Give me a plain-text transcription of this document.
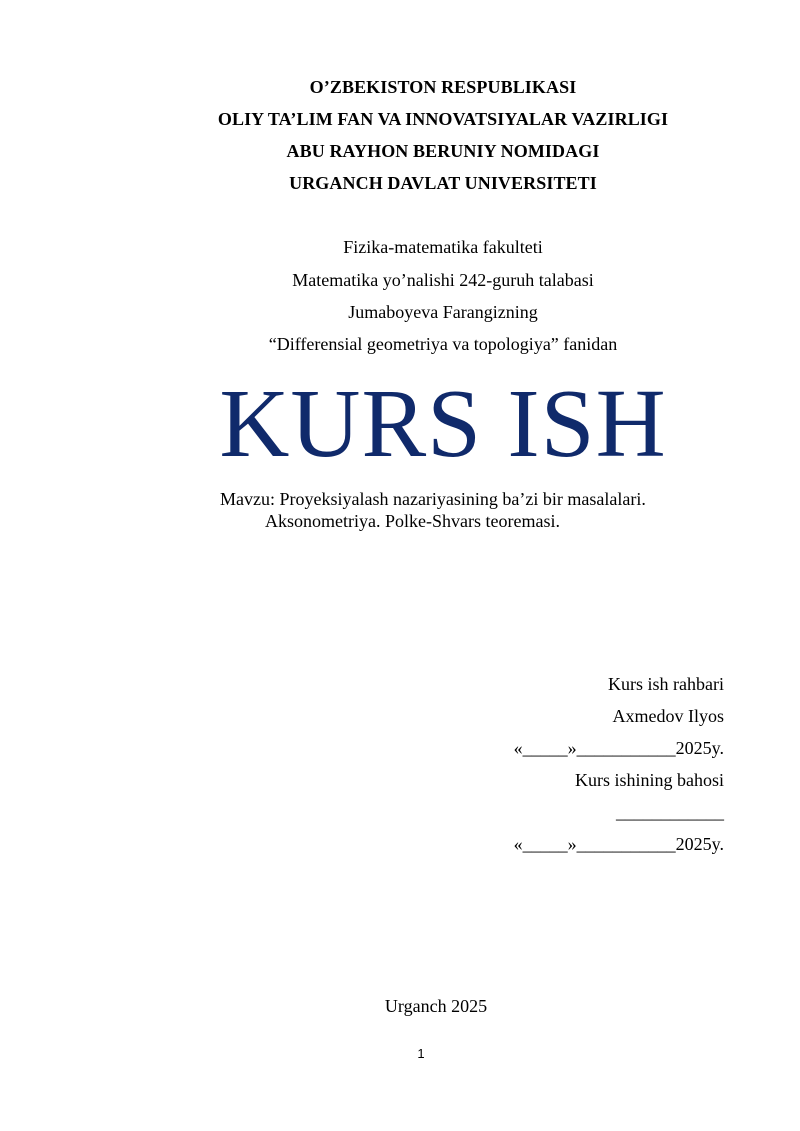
O’ZBEKISTON RESPUBLIKASI
OLIY TA’LIM FAN VA INNOVATSIYALAR VAZIRLIGI
ABU RAYHON BERUNIY NOMIDAGI
URGANCH DAVLAT UNIVERSITETI
Fizika-matematika fakulteti
Matematika yo’nalishi 242-guruh talabasi
Jumaboyeva Farangizning
“Differensial geometriya va topologiya” fanidan
KURS ISH
Mavzu: Proyeksiyalash nazariyasining ba’zi bir masalalari.
Aksonometriya. Polke-Shvars teoremasi.
Kurs ish rahbari
Axmedov Ilyos
«_____»___________2025y.
Kurs ishining bahosi
____________
«_____»___________2025y.
Urganch 2025
1
